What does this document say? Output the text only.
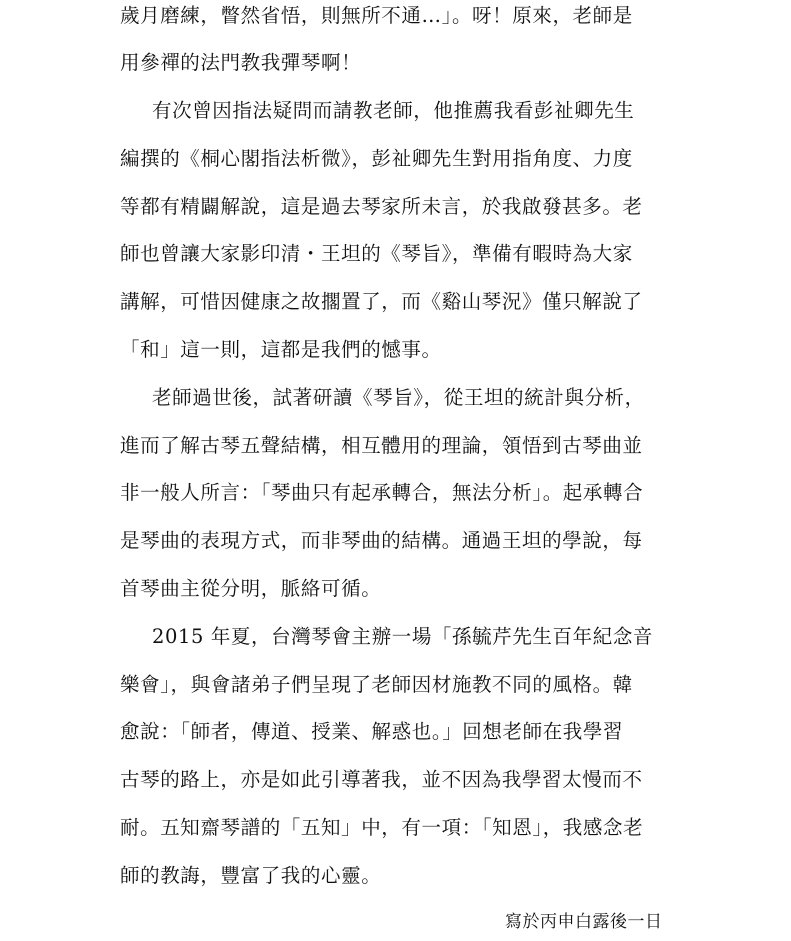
歲月磨練，瞥然省悟，則無所不通…」。呀！原來，老師是
用參禪的法門教我彈琴啊！
有次曾因指法疑問而請教老師，他推薦我看彭祉卿先生
編撰的《桐心閣指法析微》，彭祉卿先生對用指角度、力度
等都有精闢解說，這是過去琴家所未言，於我啟發甚多。老
師也曾讓大家影印清・王坦的《琴旨》，準備有暇時為大家
講解，可惜因健康之故擱置了，而《谿山琴況》僅只解說了
「和」這一則，這都是我們的憾事。
老師過世後，試著研讀《琴旨》，從王坦的統計與分析，
進而了解古琴五聲結構，相互體用的理論，領悟到古琴曲並
非一般人所言：「琴曲只有起承轉合，無法分析」。起承轉合
是琴曲的表現方式，而非琴曲的結構。通過王坦的學說，每
首琴曲主從分明，脈絡可循。
2015 年夏，台灣琴會主辦一場「孫毓芹先生百年紀念音
樂會」，與會諸弟子們呈現了老師因材施教不同的風格。韓
愈說：「師者，傳道、授業、解惑也。」回想老師在我學習
古琴的路上，亦是如此引導著我，並不因為我學習太慢而不
耐。五知齋琴譜的「五知」中，有一項：「知恩」，我感念老
師的教誨，豐富了我的心靈。
寫於丙申白露後一日
